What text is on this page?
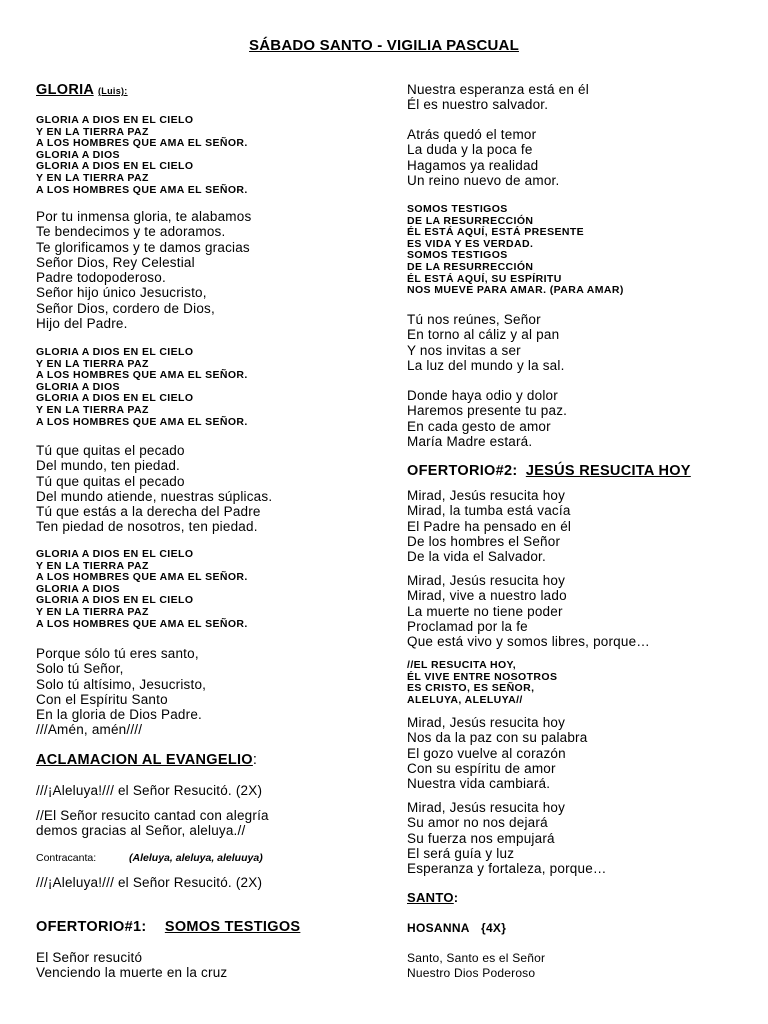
SÁBADO SANTO - VIGILIA PASCUAL
GLORIA (Luis):
GLORIA A DIOS EN EL CIELO
Y EN LA TIERRA PAZ
A LOS HOMBRES QUE AMA EL SEÑOR.
GLORIA A DIOS
GLORIA A DIOS EN EL CIELO
Y EN LA TIERRA PAZ
A LOS HOMBRES QUE AMA EL SEÑOR.
Por tu inmensa gloria, te alabamos
Te bendecimos y te adoramos.
Te glorificamos y te damos gracias
Señor Dios, Rey Celestial
Padre todopoderoso.
Señor hijo único Jesucristo,
Señor Dios, cordero de Dios,
Hijo del Padre.
GLORIA A DIOS EN EL CIELO
Y EN LA TIERRA PAZ
A LOS HOMBRES QUE AMA EL SEÑOR.
GLORIA A DIOS
GLORIA A DIOS EN EL CIELO
Y EN LA TIERRA PAZ
A LOS HOMBRES QUE AMA EL SEÑOR.
Tú que quitas el pecado
Del mundo, ten piedad.
Tú que quitas el pecado
Del mundo atiende, nuestras súplicas.
Tú que estás a la derecha del Padre
Ten piedad de nosotros, ten piedad.
GLORIA A DIOS EN EL CIELO
Y EN LA TIERRA PAZ
A LOS HOMBRES QUE AMA EL SEÑOR.
GLORIA A DIOS
GLORIA A DIOS EN EL CIELO
Y EN LA TIERRA PAZ
A LOS HOMBRES QUE AMA EL SEÑOR.
Porque sólo tú eres santo,
Solo tú Señor,
Solo tú altísimo, Jesucristo,
Con el Espíritu Santo
En la gloria de Dios Padre.
///Amén, amén////
ACLAMACION AL EVANGELIO:
///¡Aleluya!/// el Señor Resucitó. (2X)
//El Señor resucito cantad con alegría
demos gracias al Señor, aleluya.//
Contracanta:	(Aleluya, aleluya, aleluuya)
///¡Aleluya!/// el Señor Resucitó. (2X)
OFERTORIO#1: SOMOS TESTIGOS
El Señor resucitó
Venciendo la muerte en la cruz
Nuestra esperanza está en él
Él es nuestro salvador.
Atrás quedó el temor
La duda y la poca fe
Hagamos ya realidad
Un reino nuevo de amor.
SOMOS TESTIGOS
DE LA RESURRECCIÓN
ÉL ESTÁ AQUÍ, ESTÁ PRESENTE
ES VIDA Y ES VERDAD.
SOMOS TESTIGOS
DE LA RESURRECCIÓN
ÉL ESTÁ AQUÍ, SU ESPÍRITU
NOS MUEVE PARA AMAR. (PARA AMAR)
Tú nos reúnes, Señor
En torno al cáliz y al pan
Y nos invitas a ser
La luz del mundo y la sal.
Donde haya odio y dolor
Haremos presente tu paz.
En cada gesto de amor
María Madre estará.
OFERTORIO#2: JESÚS RESUCITA HOY
Mirad, Jesús resucita hoy
Mirad, la tumba está vacía
El Padre ha pensado en él
De los hombres el Señor
De la vida el Salvador.
Mirad, Jesús resucita hoy
Mirad, vive a nuestro lado
La muerte no tiene poder
Proclamad por la fe
Que está vivo y somos libres, porque…
//EL RESUCITA HOY,
ÉL VIVE ENTRE NOSOTROS
ES CRISTO, ES SEÑOR,
ALELUYA, ALELUYA//
Mirad, Jesús resucita hoy
Nos da la paz con su palabra
El gozo vuelve al corazón
Con su espíritu de amor
Nuestra vida cambiará.
Mirad, Jesús resucita hoy
Su amor no nos dejará
Su fuerza nos empujará
El será guía y luz
Esperanza y fortaleza, porque…
SANTO:
HOSANNA {4X}
Santo, Santo es el Señor
Nuestro Dios Poderoso
